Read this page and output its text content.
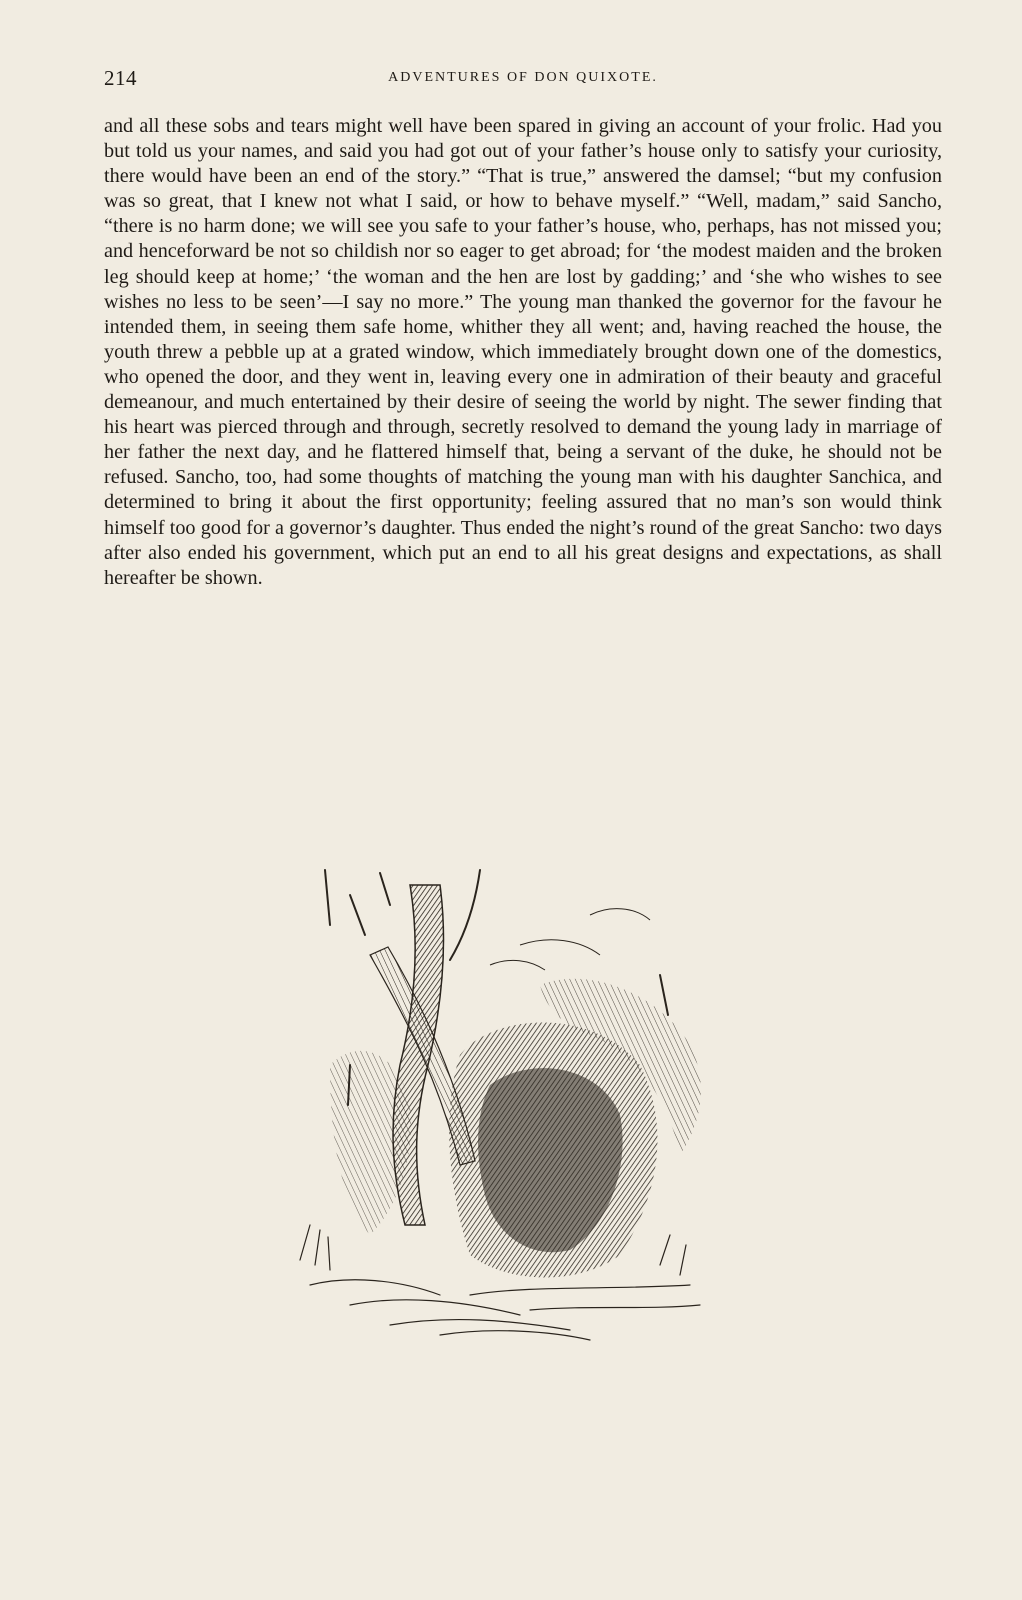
214	ADVENTURES OF DON QUIXOTE.

and all these sobs and tears might well have been spared in giving an account of your frolic. Had you but told us your names, and said you had got out of your father’s house only to satisfy your curiosity, there would have been an end of the story.” “That is true,” answered the damsel; “but my confusion was so great, that I knew not what I said, or how to behave myself.” “Well, madam,” said Sancho, “there is no harm done; we will see you safe to your father’s house, who, perhaps, has not missed you; and henceforward be not so childish nor so eager to get abroad; for ‘the modest maiden and the broken leg should keep at home;’ ‘the woman and the hen are lost by gadding;’ and ‘she who wishes to see wishes no less to be seen’—I say no more.” The young man thanked the governor for the favour he intended them, in seeing them safe home, whither they all went; and, having reached the house, the youth threw a pebble up at a grated window, which immediately brought down one of the domestics, who opened the door, and they went in, leaving every one in admiration of their beauty and graceful demeanour, and much entertained by their desire of seeing the world by night. The sewer finding that his heart was pierced through and through, secretly resolved to demand the young lady in marriage of her father the next day, and he flattered himself that, being a servant of the duke, he should not be refused. Sancho, too, had some thoughts of matching the young man with his daughter Sanchica, and determined to bring it about the first opportunity; feeling assured that no man’s son would think himself too good for a governor’s daughter. Thus ended the night’s round of the great Sancho: two days after also ended his government, which put an end to all his great designs and expectations, as shall hereafter be shown.
